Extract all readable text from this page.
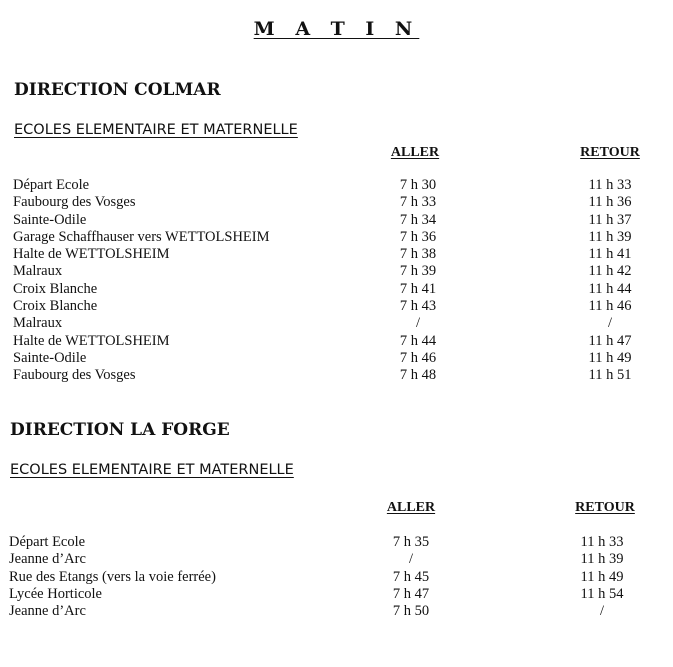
M A T I N
DIRECTION COLMAR
ECOLES ELEMENTAIRE ET MATERNELLE
ALLER	RETOUR
Départ Ecole	7 h 30	11 h 33
Faubourg des Vosges	7 h 33	11 h 36
Sainte-Odile	7 h 34	11 h 37
Garage Schaffhauser vers WETTOLSHEIM	7 h 36	11 h 39
Halte de WETTOLSHEIM	7 h 38	11 h 41
Malraux	7 h 39	11 h 42
Croix Blanche	7 h 41	11 h 44
Croix Blanche	7 h 43	11 h 46
Malraux	/	/
Halte de WETTOLSHEIM	7 h 44	11 h 47
Sainte-Odile	7 h 46	11 h 49
Faubourg des Vosges	7 h 48	11 h 51
DIRECTION LA FORGE
ECOLES ELEMENTAIRE ET MATERNELLE
ALLER	RETOUR
Départ Ecole	7 h 35	11 h 33
Jeanne d’Arc	/	11 h 39
Rue des Etangs (vers la voie ferrée)	7 h 45	11 h 49
Lycée Horticole	7 h 47	11 h 54
Jeanne d’Arc	7 h 50	/
